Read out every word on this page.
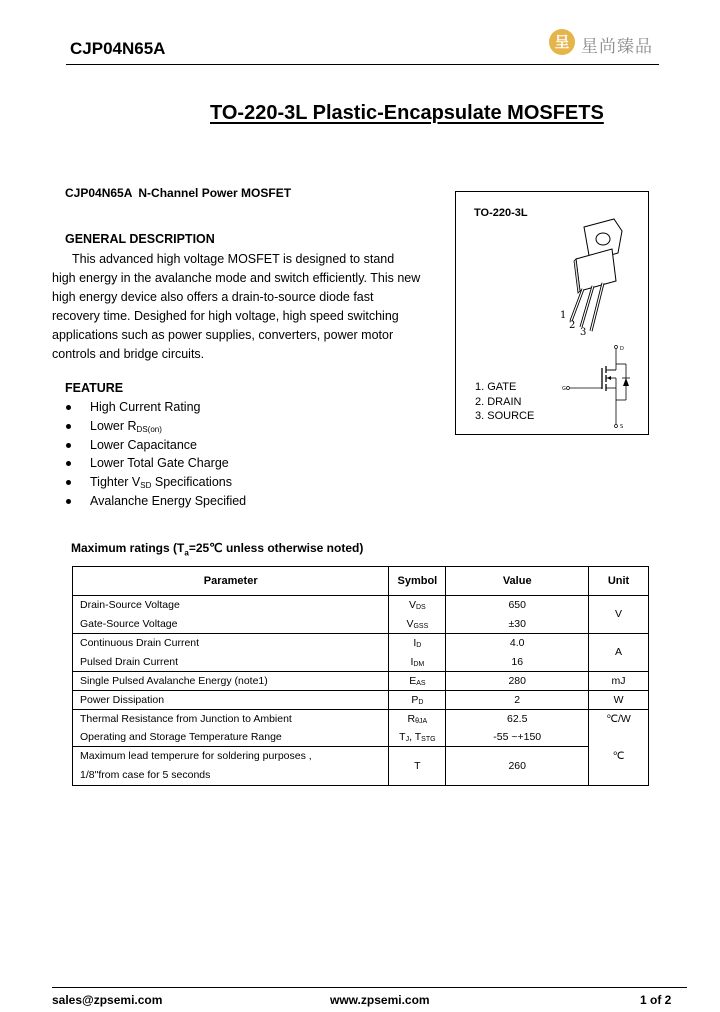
CJP04N65A	呈 星尚臻品
TO-220-3L Plastic-Encapsulate MOSFETS
CJP04N65A N-Channel Power MOSFET
GENERAL DESCRIPTION
This advanced high voltage MOSFET is designed to stand
high energy in the avalanche mode and switch efficiently. This new
high energy device also offers a drain-to-source diode fast
recovery time. Desighed for high voltage, high speed switching
applications such as power supplies, converters, power motor
controls and bridge circuits.
FEATURE
High Current Rating
Lower $R_{DS(on)}$
Lower Capacitance
Lower Total Gate Charge
Tighter $V_{SD}$ Specifications
Avalanche Energy Specified
TO-220-3L
1
2
3
1. GATE
2. DRAIN
3. SOURCE
D
G
S
Maximum ratings ($T_a=25℃$ unless otherwise noted)
Parameter	Symbol	Value	Unit
Drain-Source Voltage	$V_{DS}$	650	V
Gate-Source Voltage	$V_{GSS}$	±30	
Continuous Drain Current	$I_D$	4.0	A
Pulsed Drain Current	$I_{DM}$	16	
Single Pulsed Avalanche Energy (note1)	$E_{AS}$	280	mJ
Power Dissipation	$P_D$	2	W
Thermal Resistance from Junction to Ambient	$R_{\theta JA}$	62.5	℃/W
Operating and Storage Temperature Range	$T_J$, $T_{STG}$	-55 ~+150	℃

Maximum lead temperure for soldering purposes ,
1/8"from case for 5 seconds	T	260	
sales@zpsemi.com	www.zpsemi.com	1 of 2
